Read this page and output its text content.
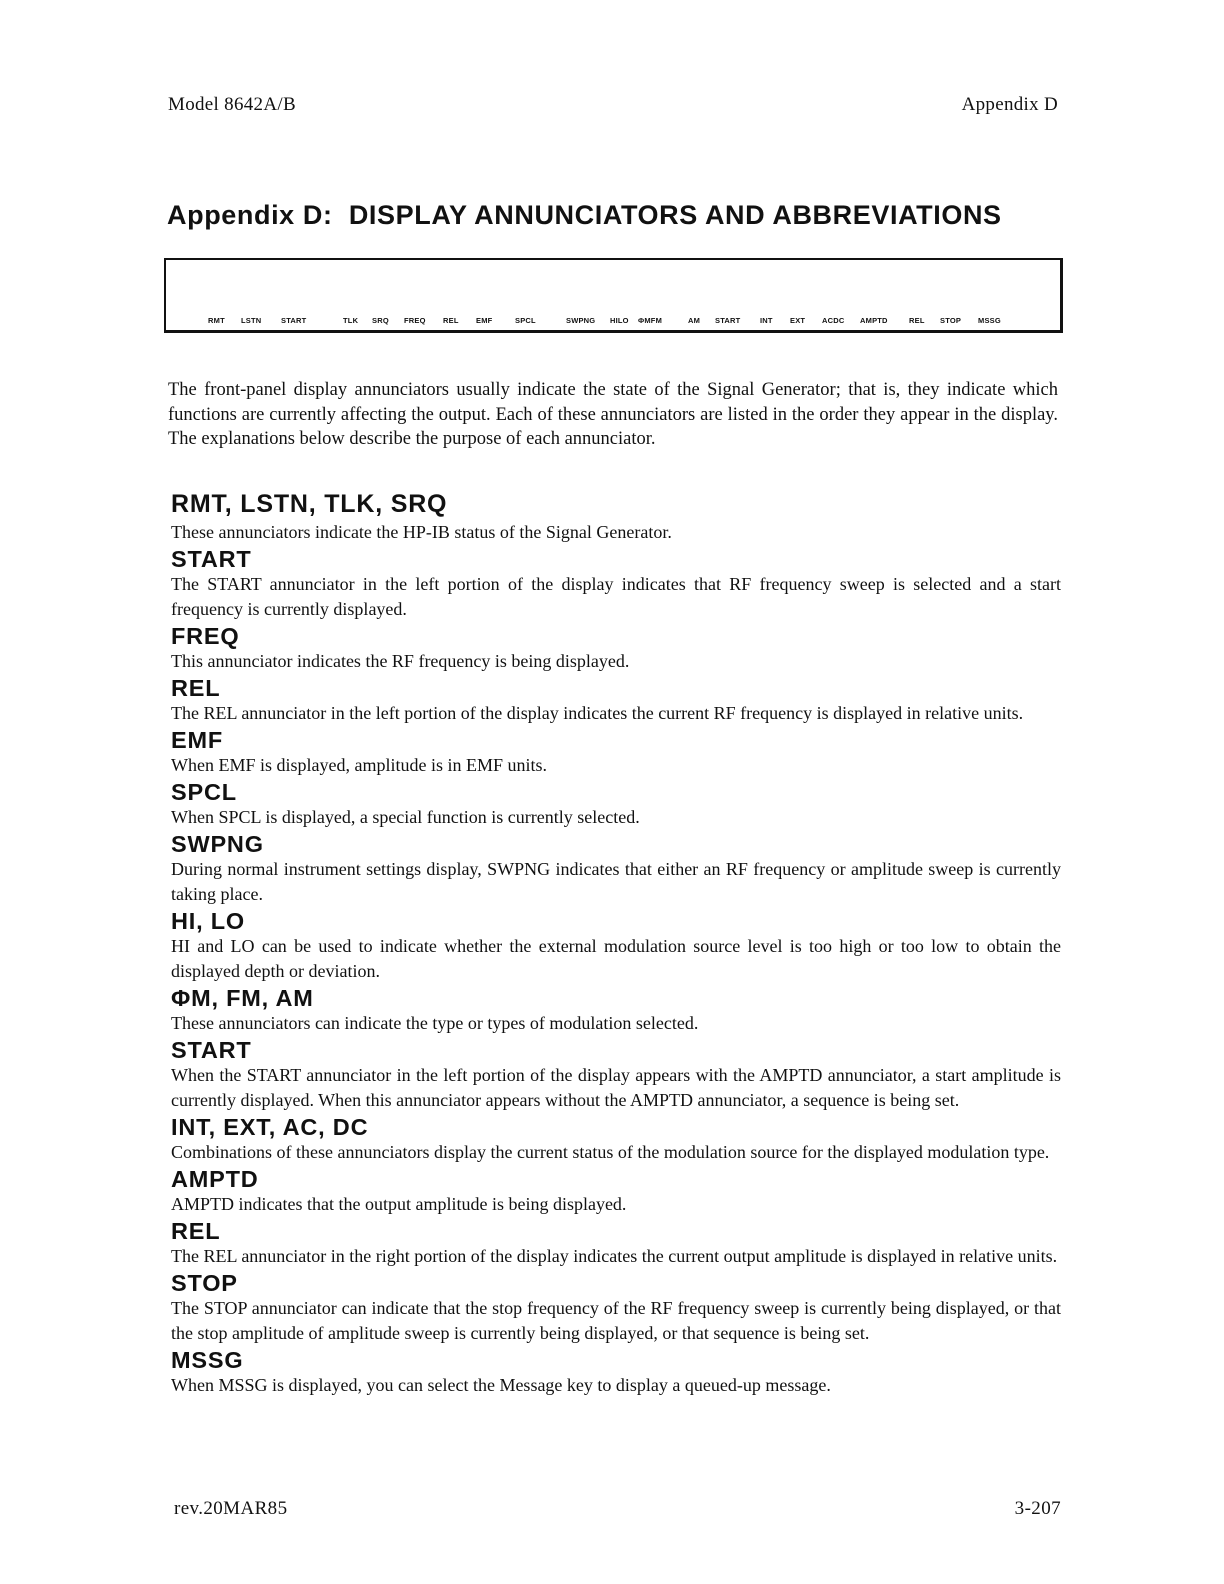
Model 8642A/B	Appendix D
Appendix D: DISPLAY ANNUNCIATORS AND ABBREVIATIONS
RMT LSTN	START	TLK SRQ FREQ REL EMF	SPCL	SWPNG HILO ΦMFM	AM START	INT EXT ACDC AMPTD	REL STOP MSSG

The front-panel display annunciators usually indicate the state of the Signal Generator; that is, they indicate which functions are currently affecting the output. Each of these annunciators are listed in the order they appear in the display. The explanations below describe the purpose of each annunciator.

RMT, LSTN, TLK, SRQ

These annunciators indicate the HP-IB status of the Signal Generator.

START

The START annunciator in the left portion of the display indicates that RF frequency sweep is selected and a start frequency is currently displayed.

FREQ

This annunciator indicates the RF frequency is being displayed.

REL

The REL annunciator in the left portion of the display indicates the current RF frequency is displayed in relative units.

EMF

When EMF is displayed, amplitude is in EMF units.

SPCL

When SPCL is displayed, a special function is currently selected.

SWPNG

During normal instrument settings display, SWPNG indicates that either an RF frequency or amplitude sweep is currently taking place.

HI, LO

HI and LO can be used to indicate whether the external modulation source level is too high or too low to obtain the displayed depth or deviation.

ΦM, FM, AM

These annunciators can indicate the type or types of modulation selected.

START

When the START annunciator in the left portion of the display appears with the AMPTD annunciator, a start amplitude is currently displayed. When this annunciator appears without the AMPTD annunciator, a sequence is being set.

INT, EXT, AC, DC

Combinations of these annunciators display the current status of the modulation source for the displayed modulation type.

AMPTD

AMPTD indicates that the output amplitude is being displayed.

REL

The REL annunciator in the right portion of the display indicates the current output amplitude is displayed in relative units.

STOP

The STOP annunciator can indicate that the stop frequency of the RF frequency sweep is currently being displayed, or that the stop amplitude of amplitude sweep is currently being displayed, or that sequence is being set.

MSSG

When MSSG is displayed, you can select the Message key to display a queued-up message.

rev.20MAR85	3-207
